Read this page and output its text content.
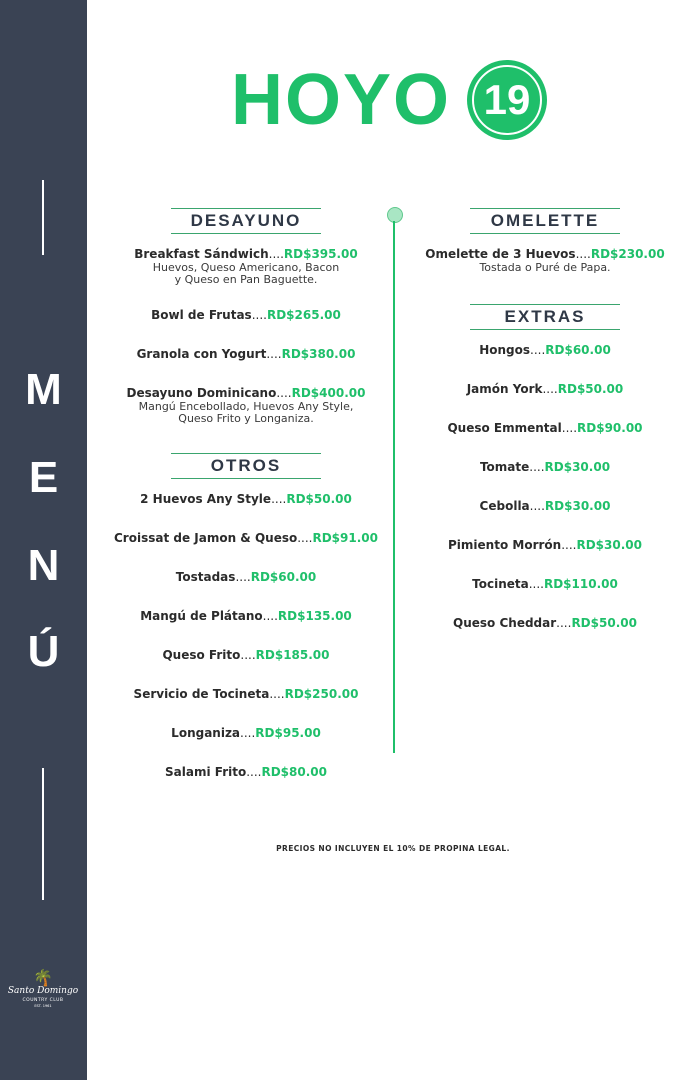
M
E
N
Ú
🌴
Santo Domingo
COUNTRY CLUB
EST. 1961
HOYO 19
DESAYUNO
Breakfast Sándwich....RD$395.00
Huevos, Queso Americano, Bacon
y Queso en Pan Baguette.
Bowl de Frutas....RD$265.00
Granola con Yogurt....RD$380.00
Desayuno Dominicano....RD$400.00
Mangú Encebollado, Huevos Any Style,
Queso Frito y Longaniza.
OTROS
2 Huevos Any Style....RD$50.00
Croissat de Jamon & Queso....RD$91.00
Tostadas....RD$60.00
Mangú de Plátano....RD$135.00
Queso Frito....RD$185.00
Servicio de Tocineta....RD$250.00
Longaniza....RD$95.00
Salami Frito....RD$80.00
OMELETTE
Omelette de 3 Huevos....RD$230.00
Tostada o Puré de Papa.
EXTRAS
Hongos....RD$60.00
Jamón York....RD$50.00
Queso Emmental....RD$90.00
Tomate....RD$30.00
Cebolla....RD$30.00
Pimiento Morrón....RD$30.00
Tocineta....RD$110.00
Queso Cheddar....RD$50.00
PRECIOS NO INCLUYEN EL 10% DE PROPINA LEGAL.
